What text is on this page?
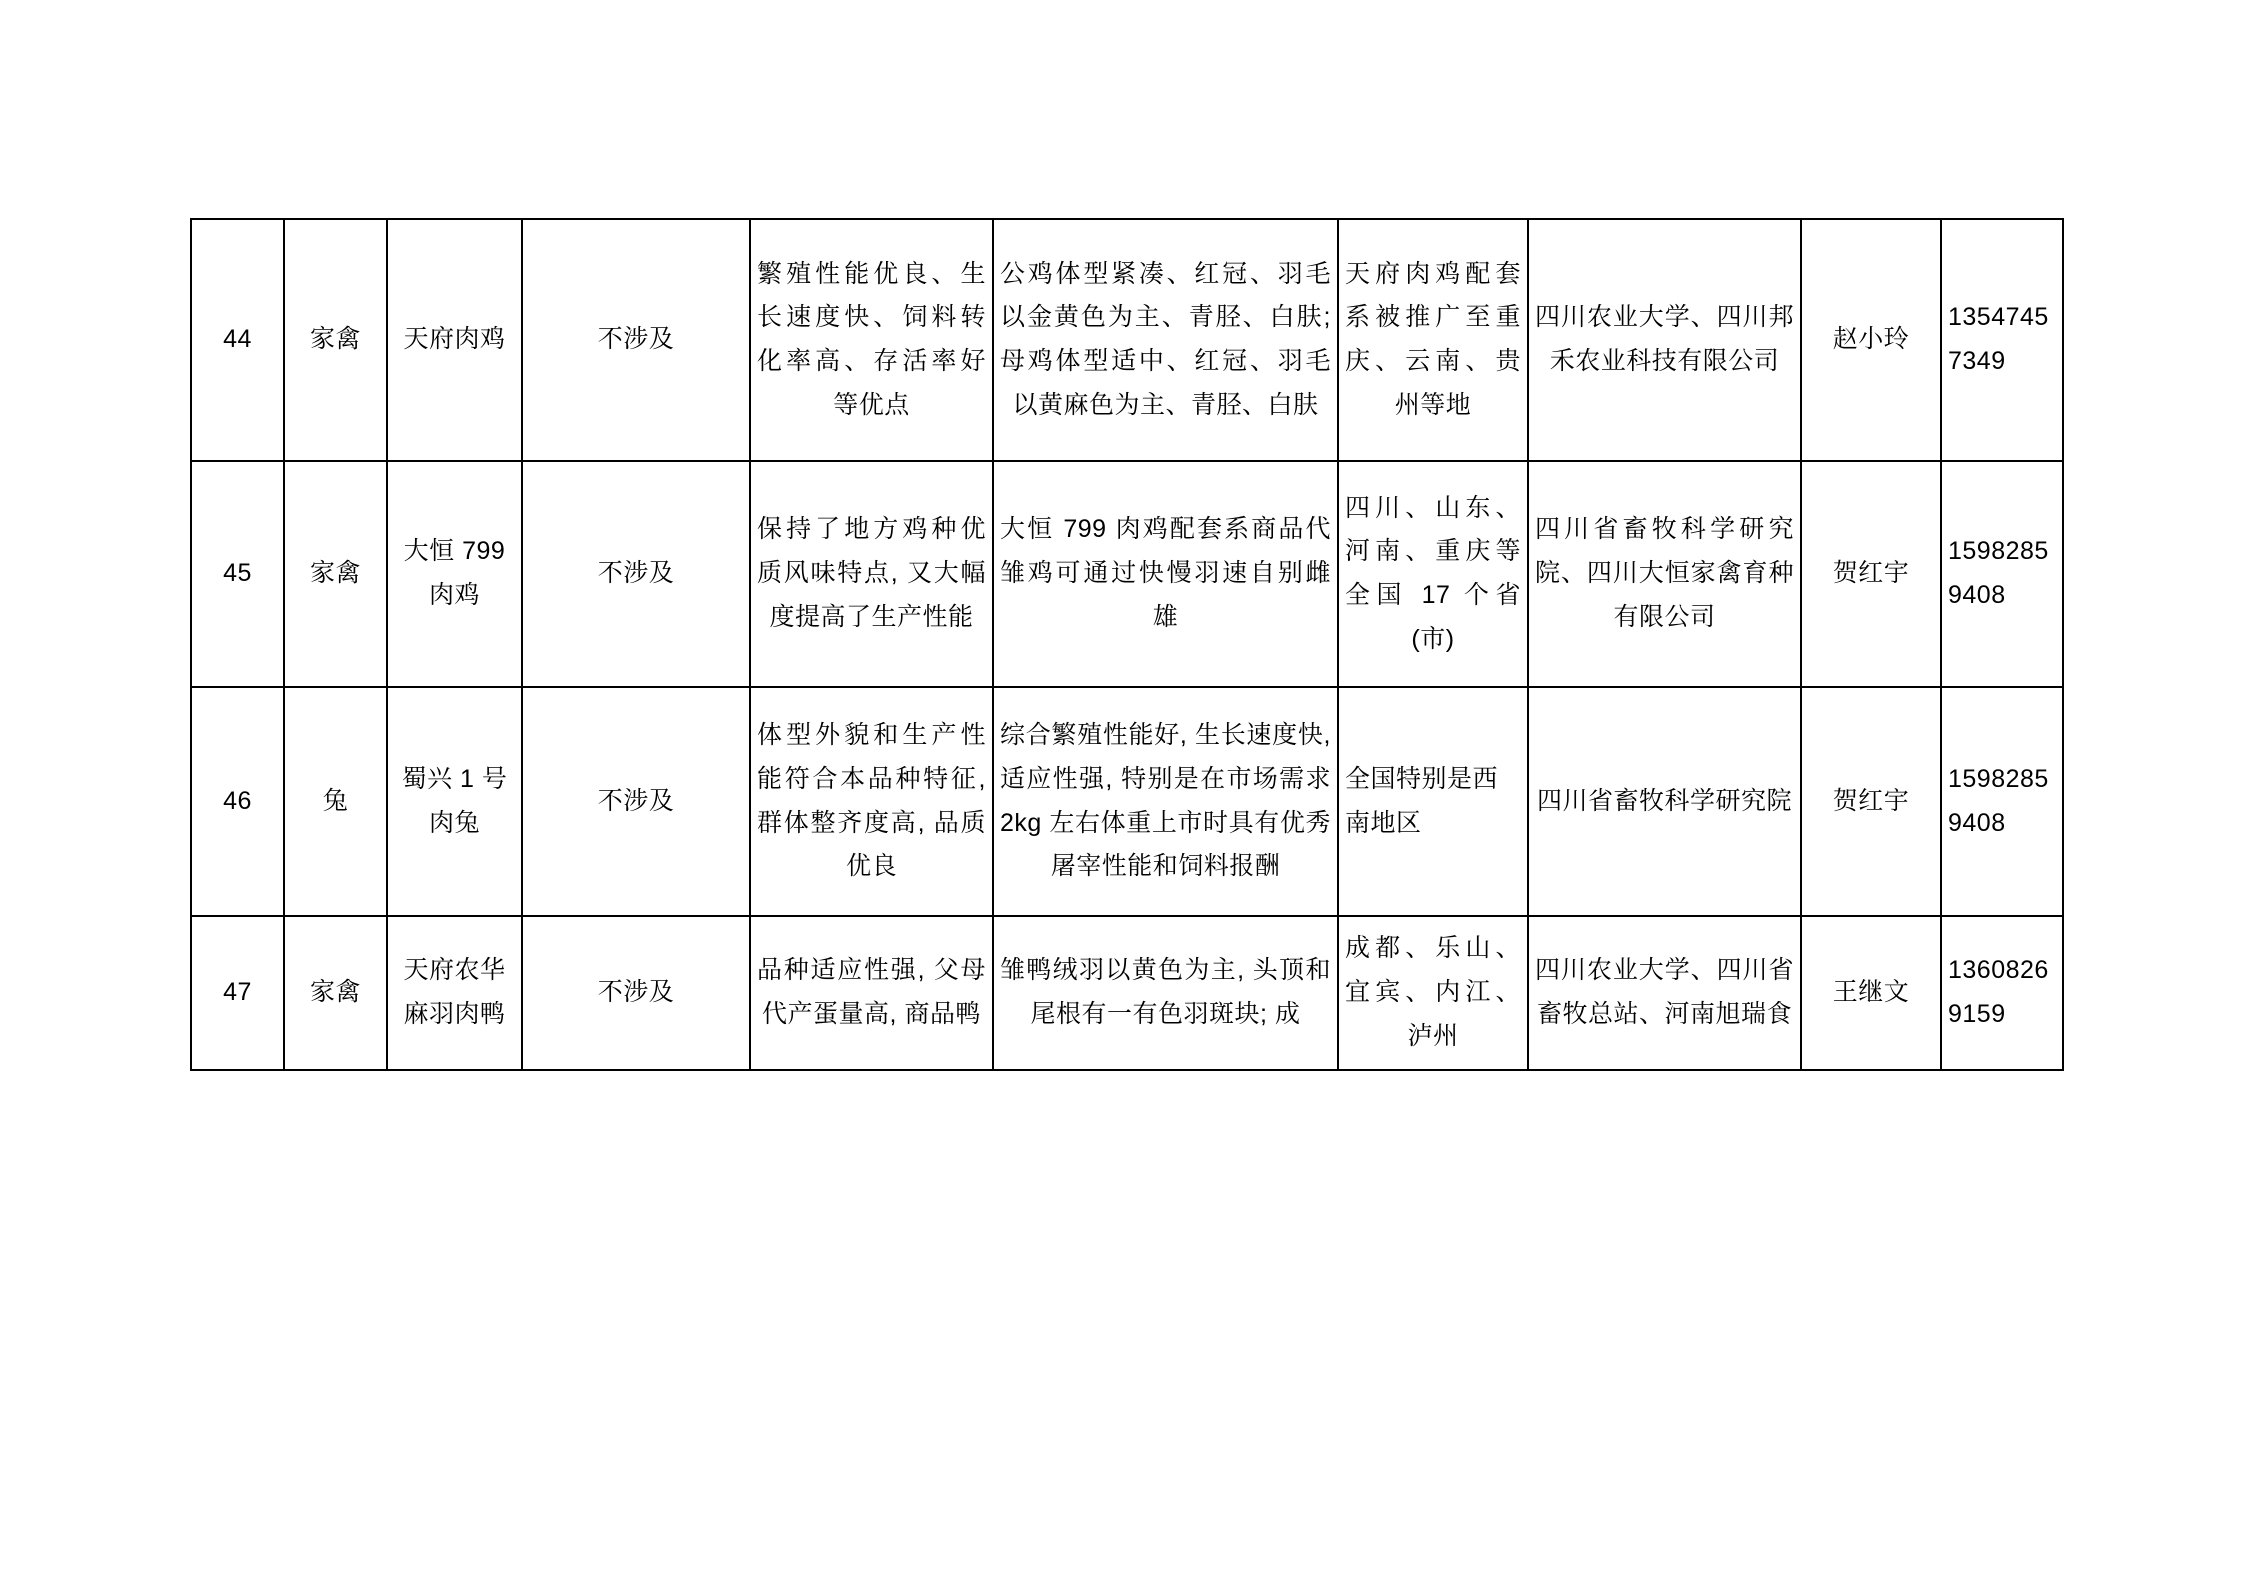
44	家禽	天府肉鸡	不涉及	繁殖性能优良、生长速度快、饲料转化率高、存活率好等优点	公鸡体型紧凑、红冠、羽毛以金黄色为主、青胫、白肤;母鸡体型适中、红冠、羽毛以黄麻色为主、青胫、白肤	天府肉鸡配套系被推广至重庆、云南、贵州等地	四川农业大学、四川邦禾农业科技有限公司	赵小玲	13547457349
45	家禽	大恒 799 肉鸡	不涉及	保持了地方鸡种优质风味特点, 又大幅度提高了生产性能	大恒 799 肉鸡配套系商品代雏鸡可通过快慢羽速自别雌雄	四川、山东、河南、重庆等全国 17 个省(市)	四川省畜牧科学研究院、四川大恒家禽育种有限公司	贺红宇	15982859408
46	兔	蜀兴 1 号肉兔	不涉及	体型外貌和生产性能符合本品种特征, 群体整齐度高, 品质优良	综合繁殖性能好, 生长速度快, 适应性强, 特别是在市场需求 2kg 左右体重上市时具有优秀屠宰性能和饲料报酬	全国特别是西南地区	四川省畜牧科学研究院	贺红宇	15982859408
47	家禽	天府农华麻羽肉鸭	不涉及	品种适应性强, 父母代产蛋量高, 商品鸭	雏鸭绒羽以黄色为主, 头顶和尾根有一有色羽斑块; 成	成都、乐山、宜宾、内江、泸州	四川农业大学、四川省畜牧总站、河南旭瑞食	王继文	13608269159
